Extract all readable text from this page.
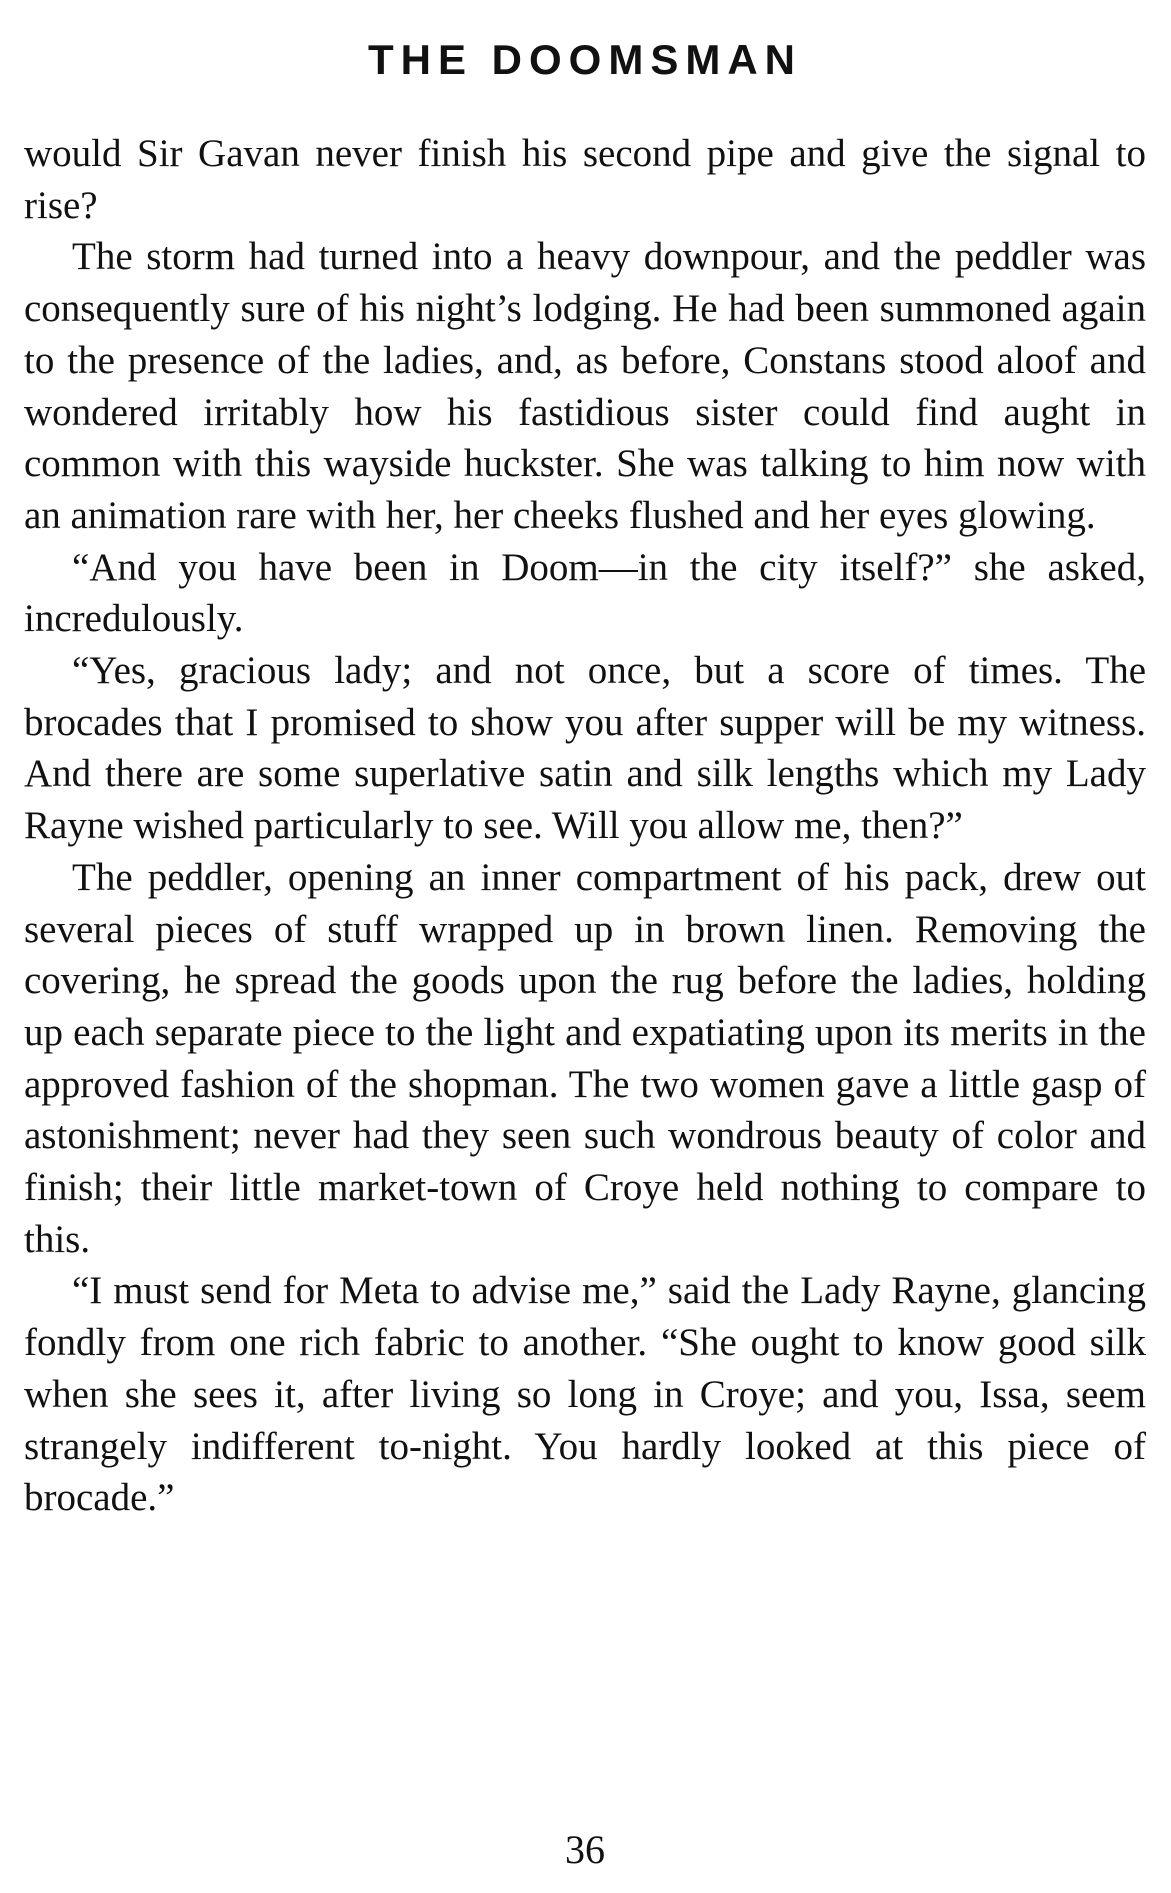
THE DOOMSMAN

would Sir Gavan never finish his second pipe and give the signal to rise?

The storm had turned into a heavy downpour, and the peddler was consequently sure of his night’s lodging. He had been summoned again to the presence of the ladies, and, as before, Constans stood aloof and wondered irritably how his fastidious sister could find aught in common with this wayside huckster. She was talking to him now with an animation rare with her, her cheeks flushed and her eyes glowing.

“And you have been in Doom—in the city itself?” she asked, incredulously.

“Yes, gracious lady; and not once, but a score of times. The brocades that I promised to show you after supper will be my witness. And there are some superlative satin and silk lengths which my Lady Rayne wished particularly to see. Will you allow me, then?”

The peddler, opening an inner compartment of his pack, drew out several pieces of stuff wrapped up in brown linen. Removing the covering, he spread the goods upon the rug before the ladies, holding up each separate piece to the light and expatiating upon its merits in the approved fashion of the shopman. The two women gave a little gasp of astonishment; never had they seen such wondrous beauty of color and finish; their little market-town of Croye held nothing to compare to this.

“I must send for Meta to advise me,” said the Lady Rayne, glancing fondly from one rich fabric to another. “She ought to know good silk when she sees it, after living so long in Croye; and you, Issa, seem strangely indifferent to-night. You hardly looked at this piece of brocade.”

36
